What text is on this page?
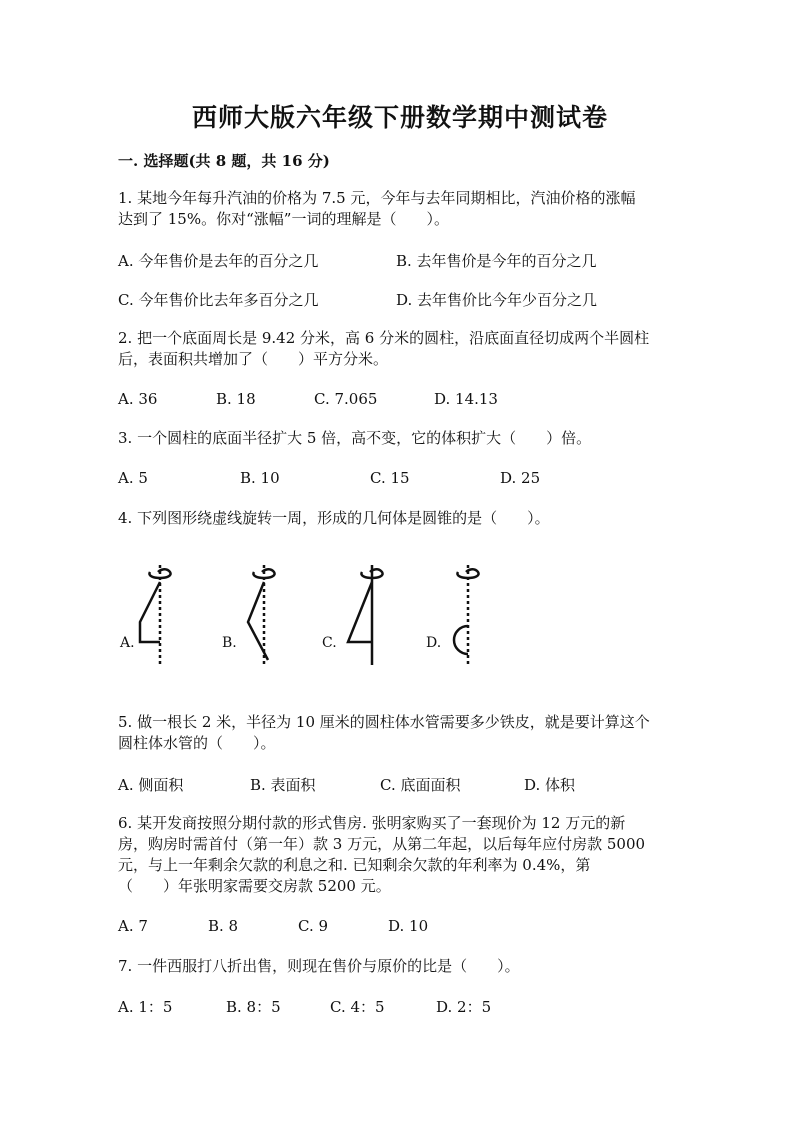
西师大版六年级下册数学期中测试卷
一. 选择题(共 8 题，共 16 分)
1. 某地今年每升汽油的价格为 7.5 元，今年与去年同期相比，汽油价格的涨幅
达到了 15%。你对“涨幅”一词的理解是（　　）。
A. 今年售价是去年的百分之几	B. 去年售价是今年的百分之几
C. 今年售价比去年多百分之几	D. 去年售价比今年少百分之几
2. 把一个底面周长是 9.42 分米，高 6 分米的圆柱，沿底面直径切成两个半圆柱
后，表面积共增加了（　　）平方分米。
A. 36	B. 18	C. 7.065	D. 14.13
3. 一个圆柱的底面半径扩大 5 倍，高不变，它的体积扩大（　　）倍。
A. 5	B. 10	C. 15	D. 25
4. 下列图形绕虚线旋转一周，形成的几何体是圆锥的是（　　）。
A.	B.	C.	D.
5. 做一根长 2 米，半径为 10 厘米的圆柱体水管需要多少铁皮，就是要计算这个
圆柱体水管的（　　）。
A. 侧面积	B. 表面积	C. 底面面积	D. 体积
6. 某开发商按照分期付款的形式售房. 张明家购买了一套现价为 12 万元的新
房，购房时需首付（第一年）款 3 万元，从第二年起，以后每年应付房款 5000
元，与上一年剩余欠款的利息之和. 已知剩余欠款的年利率为 0.4%，第
（　　）年张明家需要交房款 5200 元。
A. 7	B. 8	C. 9	D. 10
7. 一件西服打八折出售，则现在售价与原价的比是（　　）。
A. 1：5	B. 8：5	C. 4：5	D. 2：5
